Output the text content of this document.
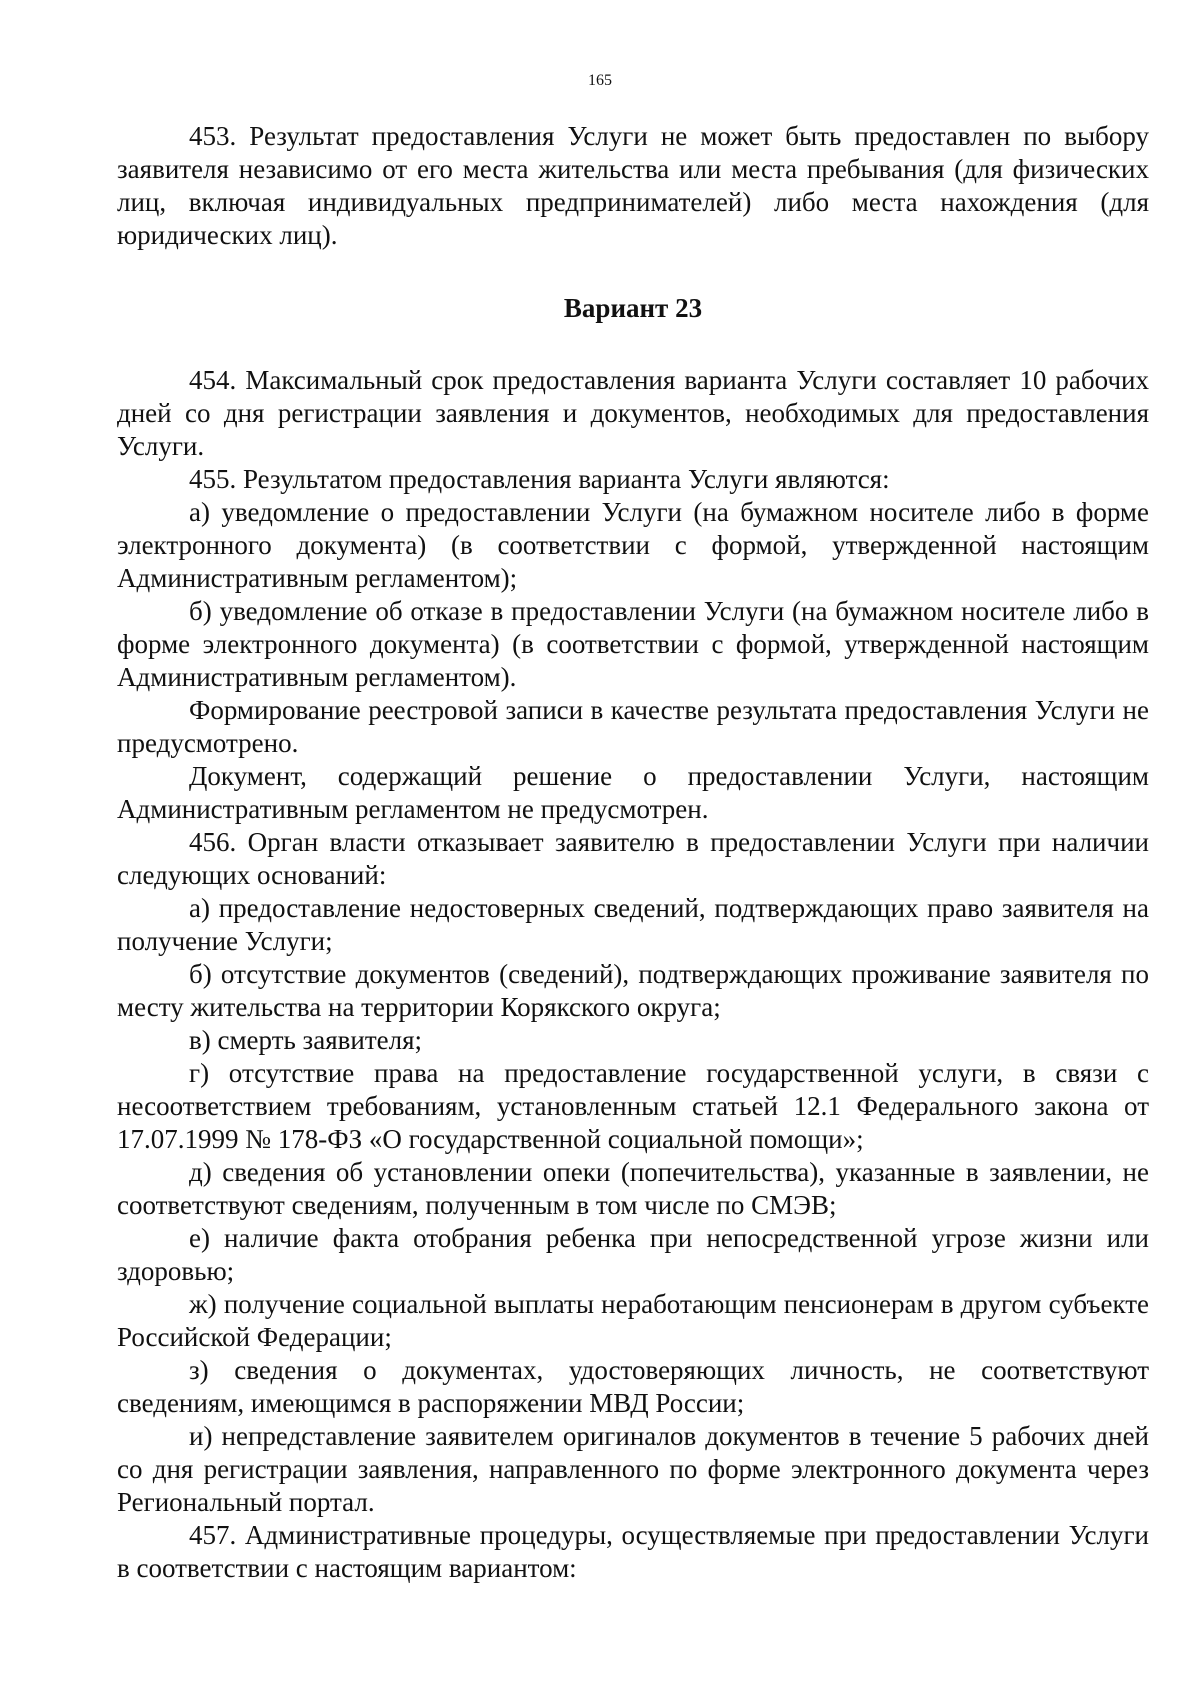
165

453. Результат предоставления Услуги не может быть предоставлен по выбору заявителя независимо от его места жительства или места пребывания (для физических лиц, включая индивидуальных предпринимателей) либо места нахождения (для юридических лиц).

Вариант 23

454. Максимальный срок предоставления варианта Услуги составляет 10 рабочих дней со дня регистрации заявления и документов, необходимых для предоставления Услуги.

455. Результатом предоставления варианта Услуги являются:

а) уведомление о предоставлении Услуги (на бумажном носителе либо в форме электронного документа) (в соответствии с формой, утвержденной настоящим Административным регламентом);

б) уведомление об отказе в предоставлении Услуги (на бумажном носителе либо в форме электронного документа) (в соответствии с формой, утвержденной настоящим Административным регламентом).

Формирование реестровой записи в качестве результата предоставления Услуги не предусмотрено.

Документ, содержащий решение о предоставлении Услуги, настоящим Административным регламентом не предусмотрен.

456. Орган власти отказывает заявителю в предоставлении Услуги при наличии следующих оснований:

а) предоставление недостоверных сведений, подтверждающих право заявителя на получение Услуги;

б) отсутствие документов (сведений), подтверждающих проживание заявителя по месту жительства на территории Корякского округа;

в) смерть заявителя;

г) отсутствие права на предоставление государственной услуги, в связи с несоответствием требованиям, установленным статьей 12.1 Федерального закона от 17.07.1999 № 178-ФЗ «О государственной социальной помощи»;

д) сведения об установлении опеки (попечительства), указанные в заявлении, не соответствуют сведениям, полученным в том числе по СМЭВ;

е) наличие факта отобрания ребенка при непосредственной угрозе жизни или здоровью;

ж) получение социальной выплаты неработающим пенсионерам в другом субъекте Российской Федерации;

з) сведения о документах, удостоверяющих личность, не соответствуют сведениям, имеющимся в распоряжении МВД России;

и) непредставление заявителем оригиналов документов в течение 5 рабочих дней со дня регистрации заявления, направленного по форме электронного документа через Региональный портал.

457. Административные процедуры, осуществляемые при предоставлении Услуги в соответствии с настоящим вариантом:
